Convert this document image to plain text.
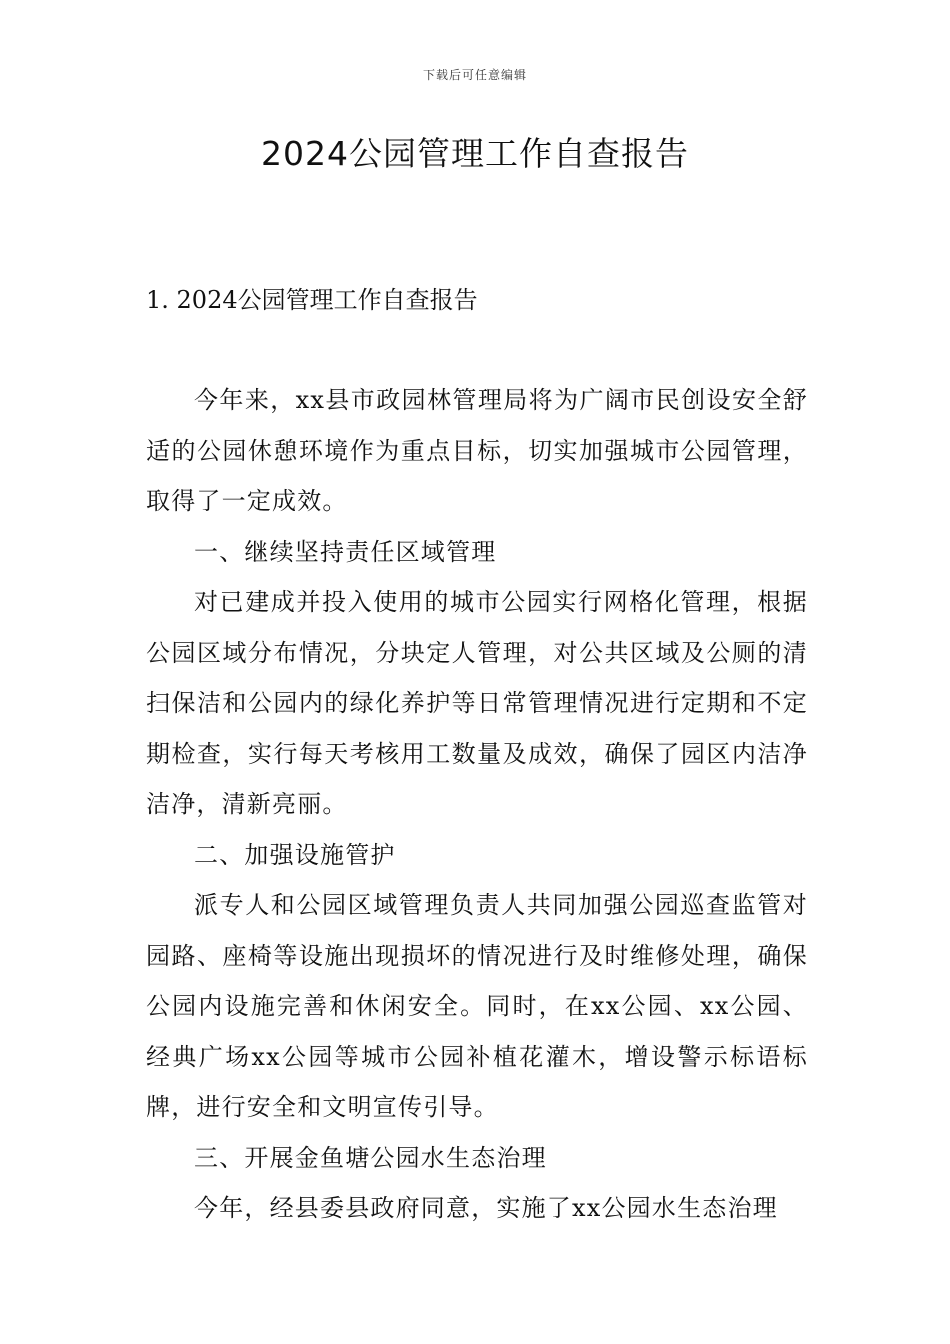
下载后可任意编辑
2024公园管理工作自查报告
1. 2024公园管理工作自查报告

今年来，xx县市政园林管理局将为广阔市民创设安全舒适的公园休憩环境作为重点目标，切实加强城市公园管理，取得了一定成效。

一、继续坚持责任区域管理

对已建成并投入使用的城市公园实行网格化管理，根据公园区域分布情况，分块定人管理，对公共区域及公厕的清扫保洁和公园内的绿化养护等日常管理情况进行定期和不定期检查，实行每天考核用工数量及成效，确保了园区内洁净洁净，清新亮丽。

二、加强设施管护

派专人和公园区域管理负责人共同加强公园巡查监管对园路、座椅等设施出现损坏的情况进行及时维修处理，确保公园内设施完善和休闲安全。同时，在xx公园、xx公园、经典广场xx公园等城市公园补植花灌木，增设警示标语标牌，进行安全和文明宣传引导。

三、开展金鱼塘公园水生态治理

今年，经县委县政府同意，实施了xx公园水生态治理
